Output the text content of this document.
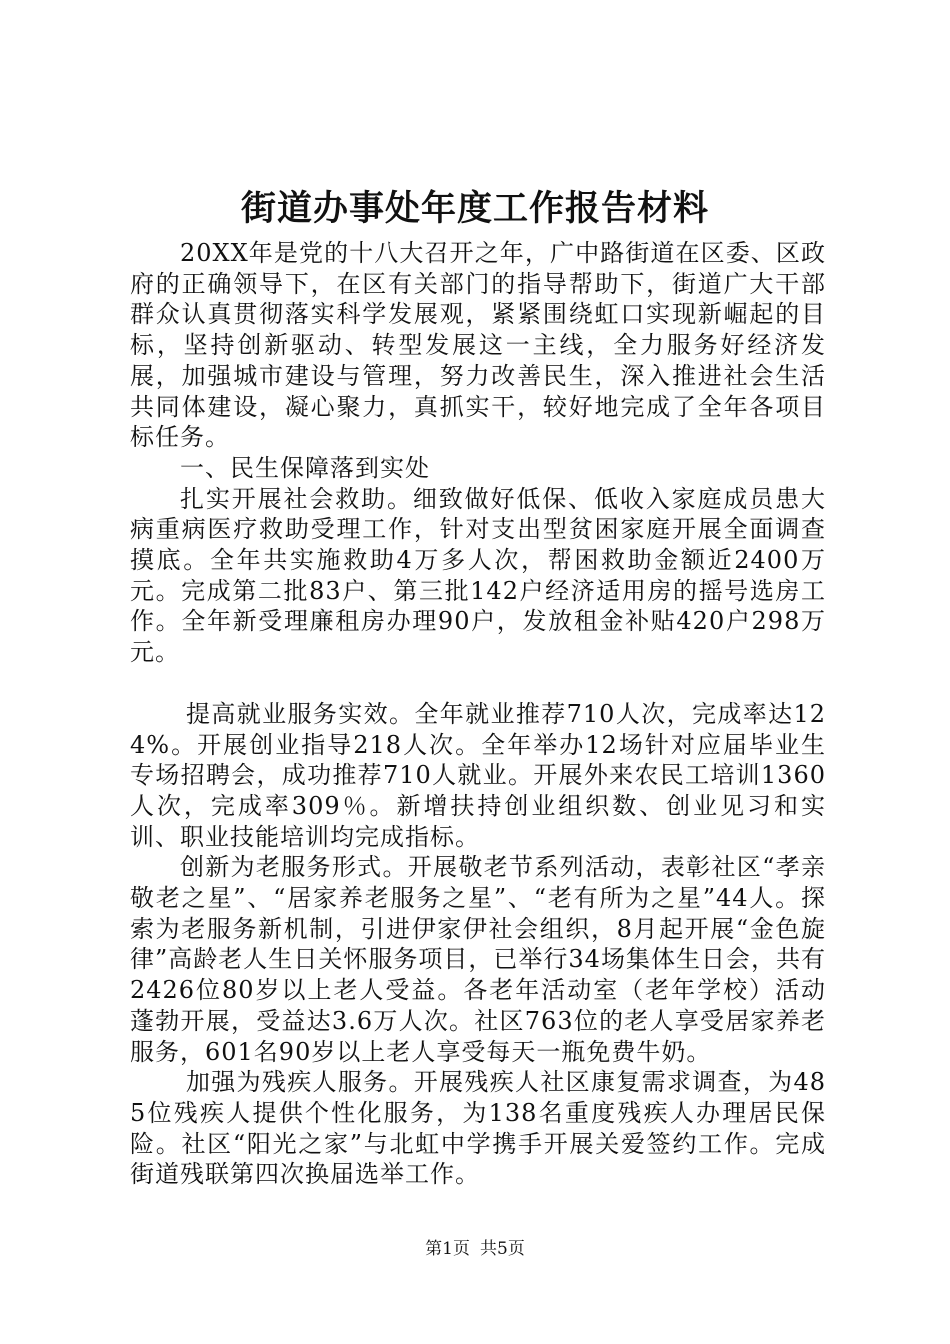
街道办事处年度工作报告材料

20XX年是党的十八大召开之年，广中路街道在区委、区政府的正确领导下，在区有关部门的指导帮助下，街道广大干部群众认真贯彻落实科学发展观，紧紧围绕虹口实现新崛起的目标，坚持创新驱动、转型发展这一主线，全力服务好经济发展，加强城市建设与管理，努力改善民生，深入推进社会生活共同体建设，凝心聚力，真抓实干，较好地完成了全年各项目标任务。

一、民生保障落到实处

扎实开展社会救助。细致做好低保、低收入家庭成员患大病重病医疗救助受理工作，针对支出型贫困家庭开展全面调查摸底。全年共实施救助4万多人次，帮困救助金额近2400万元。完成第二批83户、第三批142户经济适用房的摇号选房工作。全年新受理廉租房办理90户，发放租金补贴420户298万元。

提高就业服务实效。全年就业推荐710人次，完成率达124%。开展创业指导218人次。全年举办12场针对应届毕业生专场招聘会，成功推荐710人就业。开展外来农民工培训1360人次，完成率309％。新增扶持创业组织数、创业见习和实训、职业技能培训均完成指标。

创新为老服务形式。开展敬老节系列活动，表彰社区“孝亲敬老之星”、“居家养老服务之星”、“老有所为之星”44人。探索为老服务新机制，引进伊家伊社会组织，8月起开展“金色旋律”高龄老人生日关怀服务项目，已举行34场集体生日会，共有2426位80岁以上老人受益。各老年活动室（老年学校）活动蓬勃开展，受益达3.6万人次。社区763位的老人享受居家养老服务，601名90岁以上老人享受每天一瓶免费牛奶。

加强为残疾人服务。开展残疾人社区康复需求调查，为485位残疾人提供个性化服务，为138名重度残疾人办理居民保险。社区“阳光之家”与北虹中学携手开展关爱签约工作。完成街道残联第四次换届选举工作。

第1页 共5页
